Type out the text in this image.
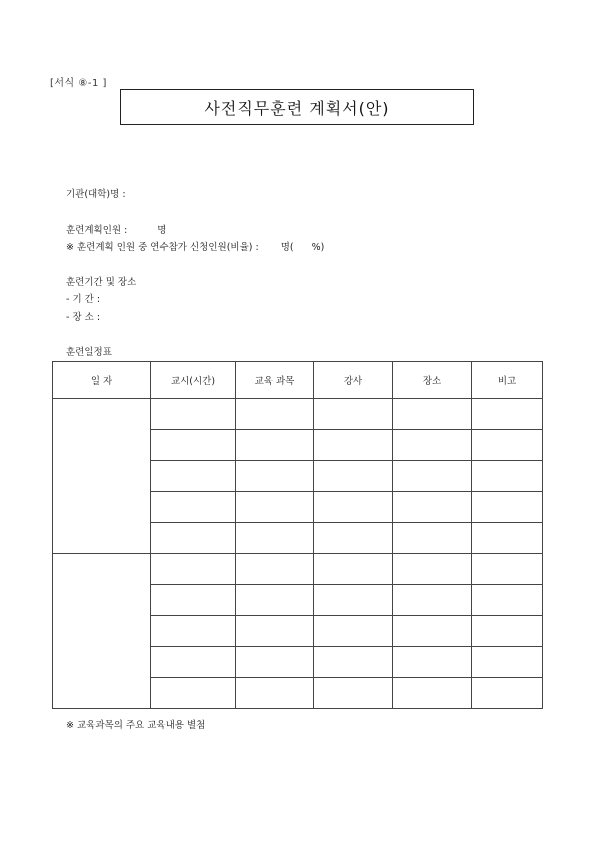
[서식 ⑧-1 ]
사전직무훈련 계획서(안)
기관(대학)명 :
훈련계획인원 :	명
※ 훈련계획 인원 중 연수참가 신청인원(비율) : 명( %)
훈련기간 및 장소
- 기 간 :
- 장 소 :
훈련일정표
일 자	교시(시간)	교육 과목	강사	장소	비고

※ 교육과목의 주요 교육내용 별첨
